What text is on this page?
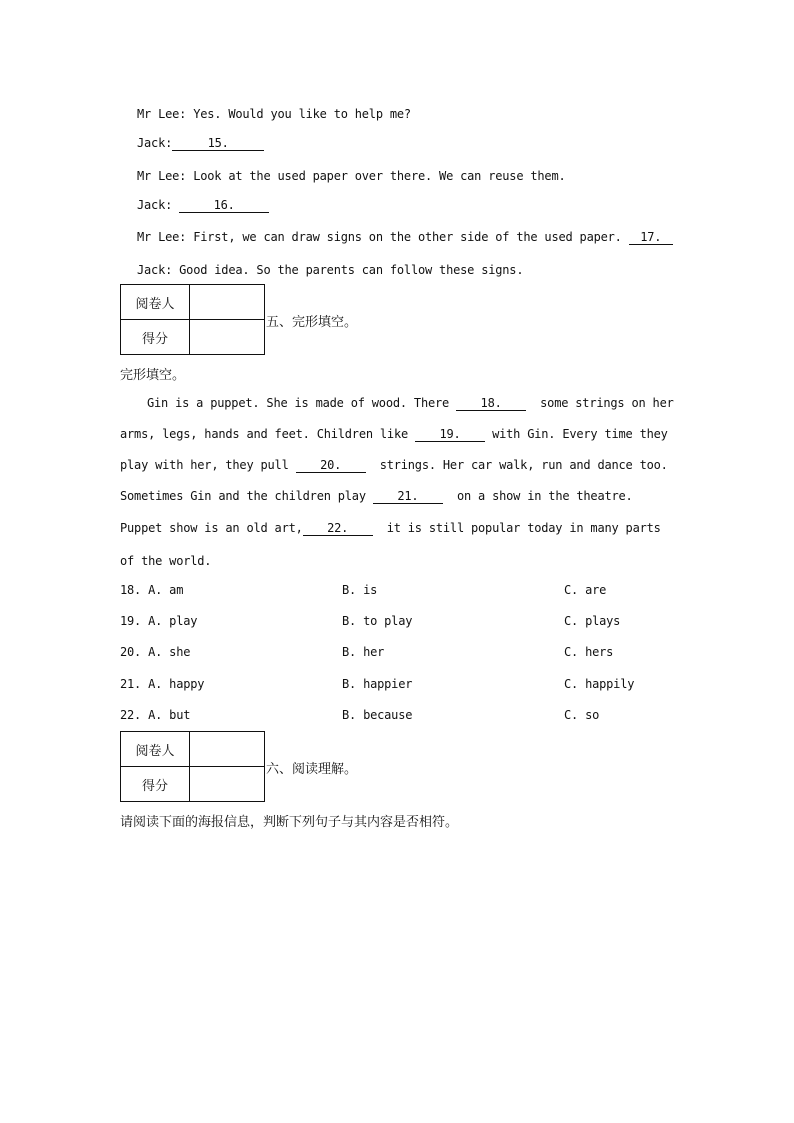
Mr Lee: Yes. Would you like to help me?
Jack:	15.
Mr Lee: Look at the used paper over there. We can reuse them.
Jack:	16.
Mr Lee: First, we can draw signs on the other side of the used paper. 17.
Jack: Good idea. So the parents can follow these signs.
阅卷人	
得分	
五、完形填空。
完形填空。
Gin is a puppet. She is made of wood. There	18.	some strings on her
arms, legs, hands and feet. Children like	19.	with Gin. Every time they
play with her, they pull	20.	strings. Her car walk, run and dance too.
Sometimes Gin and the children play	21.	on a show in the theatre.
Puppet show is an old art, 22.	it is still popular today in many parts
of the world.
18. A. am	B. is	C. are
19. A. play	B. to play	C. plays
20. A. she	B. her	C. hers
21. A. happy	B. happier	C. happily
22. A. but	B. because	C. so
阅卷人	
得分	
六、阅读理解。
请阅读下面的海报信息，判断下列句子与其内容是否相符。
